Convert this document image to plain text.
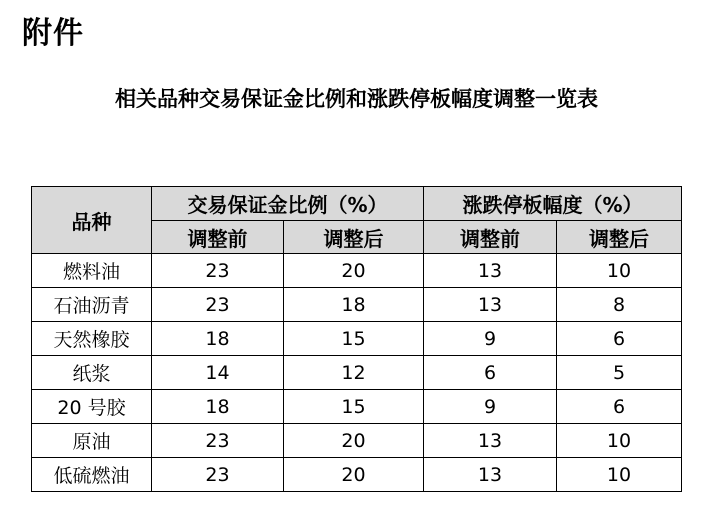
附件
相关品种交易保证金比例和涨跌停板幅度调整一览表
品种	交易保证金比例（%）		涨跌停板幅度（%）	
	调整前	调整后	调整前	调整后
燃料油	23	20	13	10
石油沥青	23	18	13	8
天然橡胶	18	15	9	6
纸浆	14	12	6	5
20 号胶	18	15	9	6
原油	23	20	13	10
低硫燃油	23	20	13	10
